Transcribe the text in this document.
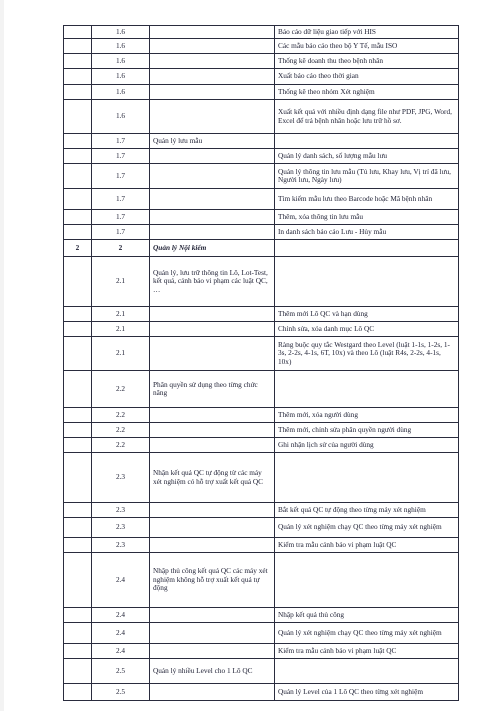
	1.6		Báo cáo dữ liệu giao tiếp với HIS
	1.6		Các mẫu báo cáo theo bộ Y Tế, mẫu ISO
	1.6		Thống kê doanh thu theo bệnh nhân
	1.6		Xuất báo cáo theo thời gian
	1.6		Thống kê theo nhóm Xét nghiệm
	1.6		Xuất kết quả với nhiều định dạng file như PDF, JPG, Word, Excel để trả bệnh nhân hoặc lưu trữ hồ sơ.
	1.7	Quản lý lưu mẫu	
	1.7		Quản lý danh sách, số lượng mẫu lưu
	1.7		Quản lý thông tin lưu mẫu (Tủ lưu, Khay lưu, Vị trí đã lưu, Người lưu, Ngày lưu)
	1.7		Tìm kiếm mẫu lưu theo Barcode hoặc Mã bệnh nhân
	1.7		Thêm, xóa thông tin lưu mẫu
	1.7		In danh sách báo cáo Lưu - Hủy mẫu
2	2	Quản lý Nội kiểm	
	2.1	Quản lý, lưu trữ thông tin Lô, Lot-Test, kết quả, cảnh báo vi phạm các luật QC, …	
	2.1		Thêm mới Lô QC và hạn dùng
	2.1		Chỉnh sửa, xóa danh mục Lô QC
	2.1		Ràng buộc quy tắc Westgard theo Level (luật 1-1s, 1-2s, 1-3s, 2-2s, 4-1s, 6T, 10x) và theo Lô (luật R4s, 2-2s, 4-1s, 10x)
	2.2	Phân quyền sử dụng theo từng chức năng	
	2.2		Thêm mới, xóa người dùng
	2.2		Thêm mới, chỉnh sửa phân quyền người dùng
	2.2		Ghi nhận lịch sử của người dùng
	2.3	Nhận kết quả QC tự động từ các máy xét nghiệm có hỗ trợ xuất kết quả QC	
	2.3		Bắt kết quả QC tự động theo từng máy xét nghiệm
	2.3		Quản lý xét nghiệm chạy QC theo từng máy xét nghiệm
	2.3		Kiểm tra mẫu cảnh báo vi phạm luật QC
	2.4	Nhập thủ công kết quả QC các máy xét nghiệm không hỗ trợ xuất kết quả tự động	
	2.4		Nhập kết quả thủ công
	2.4		Quản lý xét nghiệm chạy QC theo từng máy xét nghiệm
	2.4		Kiểm tra mẫu cảnh báo vi phạm luật QC
	2.5	Quản lý nhiều Level cho 1 Lô QC	
	2.5		Quản lý Level của 1 Lô QC theo từng xét nghiệm
